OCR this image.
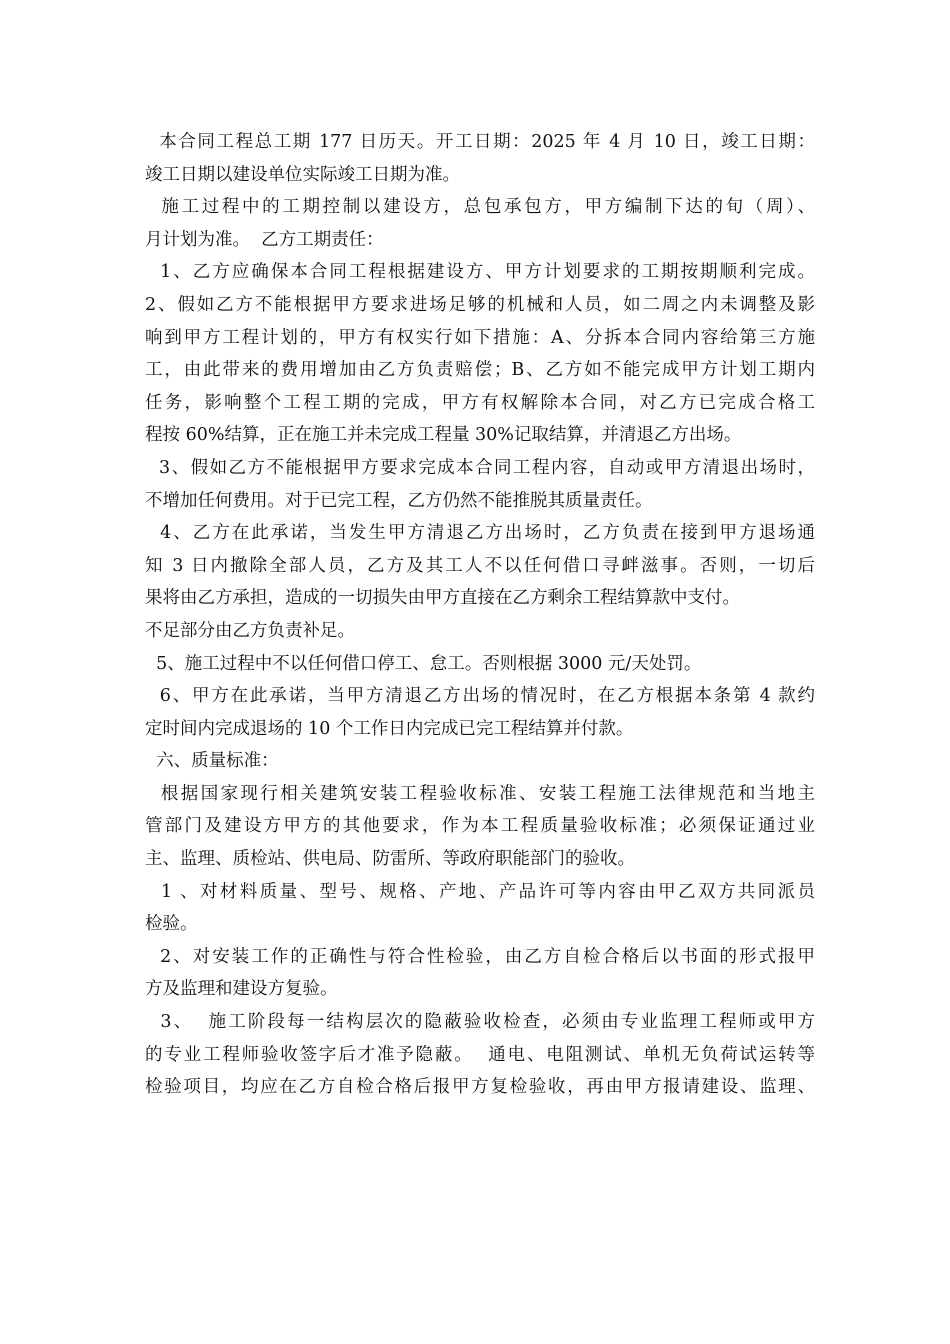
本合同工程总工期 177 日历天。开工日期：2025 年 4 月 10 日，竣工日期：
竣工日期以建设单位实际竣工日期为准。
施工过程中的工期控制以建设方，总包承包方，甲方编制下达的旬（周）、
月计划为准。  乙方工期责任：
1、乙方应确保本合同工程根据建设方、甲方计划要求的工期按期顺利完成。
2、假如乙方不能根据甲方要求进场足够的机械和人员，如二周之内未调整及影
响到甲方工程计划的，甲方有权实行如下措施：A、分拆本合同内容给第三方施
工，由此带来的费用增加由乙方负责赔偿；B、乙方如不能完成甲方计划工期内
任务，影响整个工程工期的完成，甲方有权解除本合同，对乙方已完成合格工
程按 60%结算，正在施工并未完成工程量 30%记取结算，并清退乙方出场。
3、假如乙方不能根据甲方要求完成本合同工程内容，自动或甲方清退出场时，
不增加任何费用。对于已完工程，乙方仍然不能推脱其质量责任。
4、乙方在此承诺，当发生甲方清退乙方出场时，乙方负责在接到甲方退场通
知 3 日内撤除全部人员，乙方及其工人不以任何借口寻衅滋事。否则，一切后
果将由乙方承担，造成的一切损失由甲方直接在乙方剩余工程结算款中支付。
不足部分由乙方负责补足。
5、施工过程中不以任何借口停工、怠工。否则根据 3000 元/天处罚。
6、甲方在此承诺，当甲方清退乙方出场的情况时，在乙方根据本条第 4 款约
定时间内完成退场的 10 个工作日内完成已完工程结算并付款。
六、质量标准：
根据国家现行相关建筑安装工程验收标准、安装工程施工法律规范和当地主
管部门及建设方甲方的其他要求，作为本工程质量验收标准；必须保证通过业
主、监理、质检站、供电局、防雷所、等政府职能部门的验收。
1 、对材料质量、型号、规格、产地、产品许可等内容由甲乙双方共同派员
检验。
2、对安装工作的正确性与符合性检验，由乙方自检合格后以书面的形式报甲
方及监理和建设方复验。
3、  施工阶段每一结构层次的隐蔽验收检查，必须由专业监理工程师或甲方
的专业工程师验收签字后才准予隐蔽。  通电、电阻测试、单机无负荷试运转等
检验项目，均应在乙方自检合格后报甲方复检验收，再由甲方报请建设、监理、
